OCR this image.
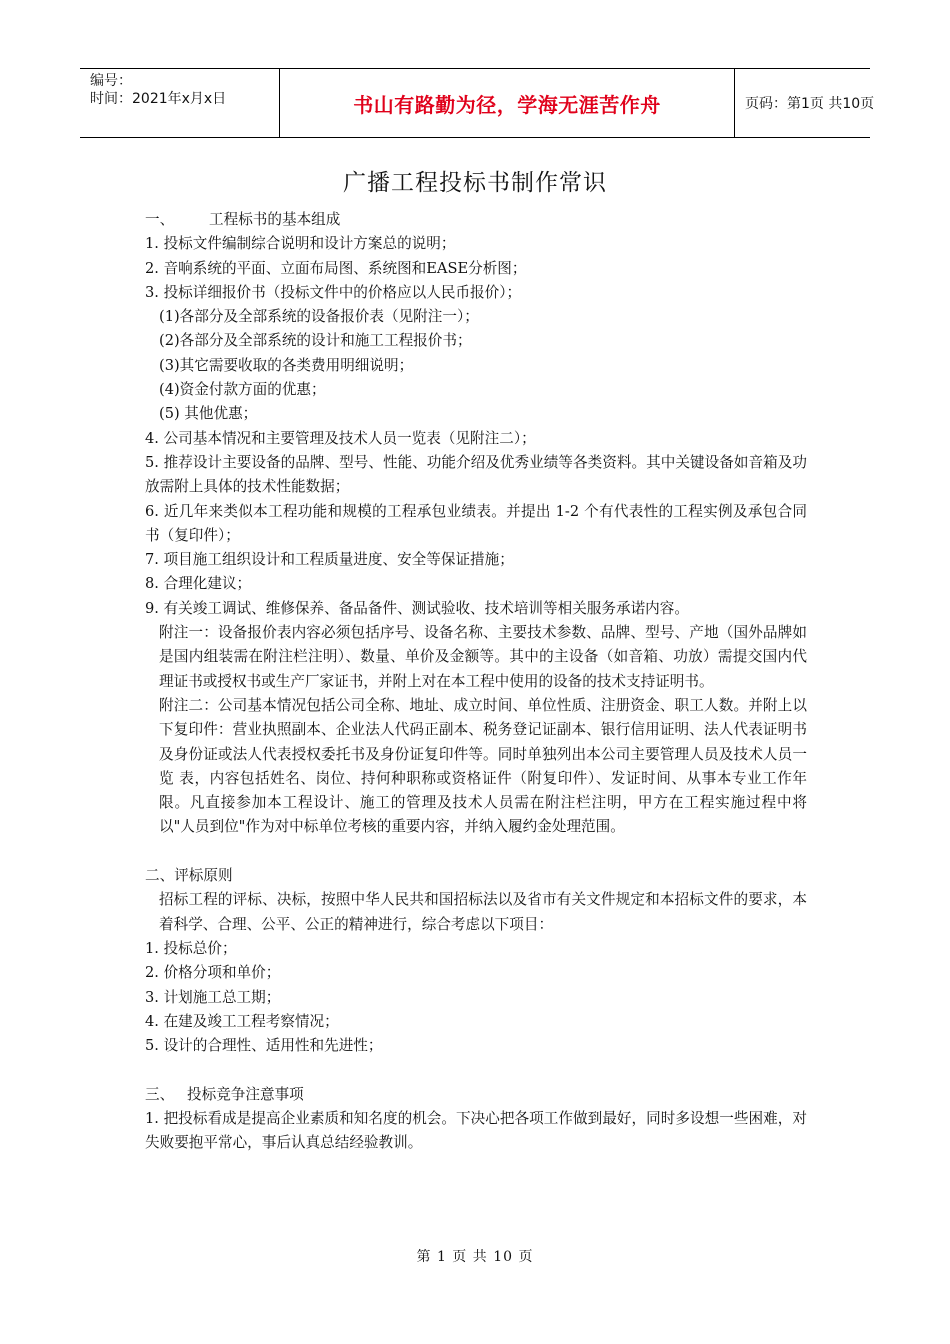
编号：
时间：2021年x月x日	书山有路勤为径，学海无涯苦作舟	页码：第1页 共10页
广播工程投标书制作常识

一、 工程标书的基本组成

1. 投标文件编制综合说明和设计方案总的说明；

2. 音响系统的平面、立面布局图、系统图和EASE分析图；

3. 投标详细报价书（投标文件中的价格应以人民币报价）；

(1)各部分及全部系统的设备报价表（见附注一）；

(2)各部分及全部系统的设计和施工工程报价书；

(3)其它需要收取的各类费用明细说明；

(4)资金付款方面的优惠；

(5) 其他优惠；

4. 公司基本情况和主要管理及技术人员一览表（见附注二）；

5. 推荐设计主要设备的品牌、型号、性能、功能介绍及优秀业绩等各类资料。其中关键设备如音箱及功放需附上具体的技术性能数据；

6. 近几年来类似本工程功能和规模的工程承包业绩表。并提出 1-2 个有代表性的工程实例及承包合同书（复印件）；

7. 项目施工组织设计和工程质量进度、安全等保证措施；

8. 合理化建议；

9. 有关竣工调试、维修保养、备品备件、测试验收、技术培训等相关服务承诺内容。

附注一：设备报价表内容必须包括序号、设备名称、主要技术参数、品牌、型号、产地（国外品牌如是国内组装需在附注栏注明）、数量、单价及金额等。其中的主设备（如音箱、功放）需提交国内代理证书或授权书或生产厂家证书，并附上对在本工程中使用的设备的技术支持证明书。

附注二：公司基本情况包括公司全称、地址、成立时间、单位性质、注册资金、职工人数。并附上以下复印件：营业执照副本、企业法人代码正副本、税务登记证副本、银行信用证明、法人代表证明书及身份证或法人代表授权委托书及身份证复印件等。同时单独列出本公司主要管理人员及技术人员一览 表，内容包括姓名、岗位、持何种职称或资格证件（附复印件）、发证时间、从事本专业工作年限。凡直接参加本工程设计、施工的管理及技术人员需在附注栏注明，甲方在工程实施过程中将以"人员到位"作为对中标单位考核的重要内容，并纳入履约金处理范围。

二、评标原则

招标工程的评标、决标，按照中华人民共和国招标法以及省市有关文件规定和本招标文件的要求，本着科学、合理、公平、公正的精神进行，综合考虑以下项目：

1. 投标总价；

2. 价格分项和单价；

3. 计划施工总工期；

4. 在建及竣工工程考察情况；

5. 设计的合理性、适用性和先进性；

三、 投标竞争注意事项

1. 把投标看成是提高企业素质和知名度的机会。下决心把各项工作做到最好，同时多设想一些困难，对失败要抱平常心，事后认真总结经验教训。

第 1 页 共 10 页
